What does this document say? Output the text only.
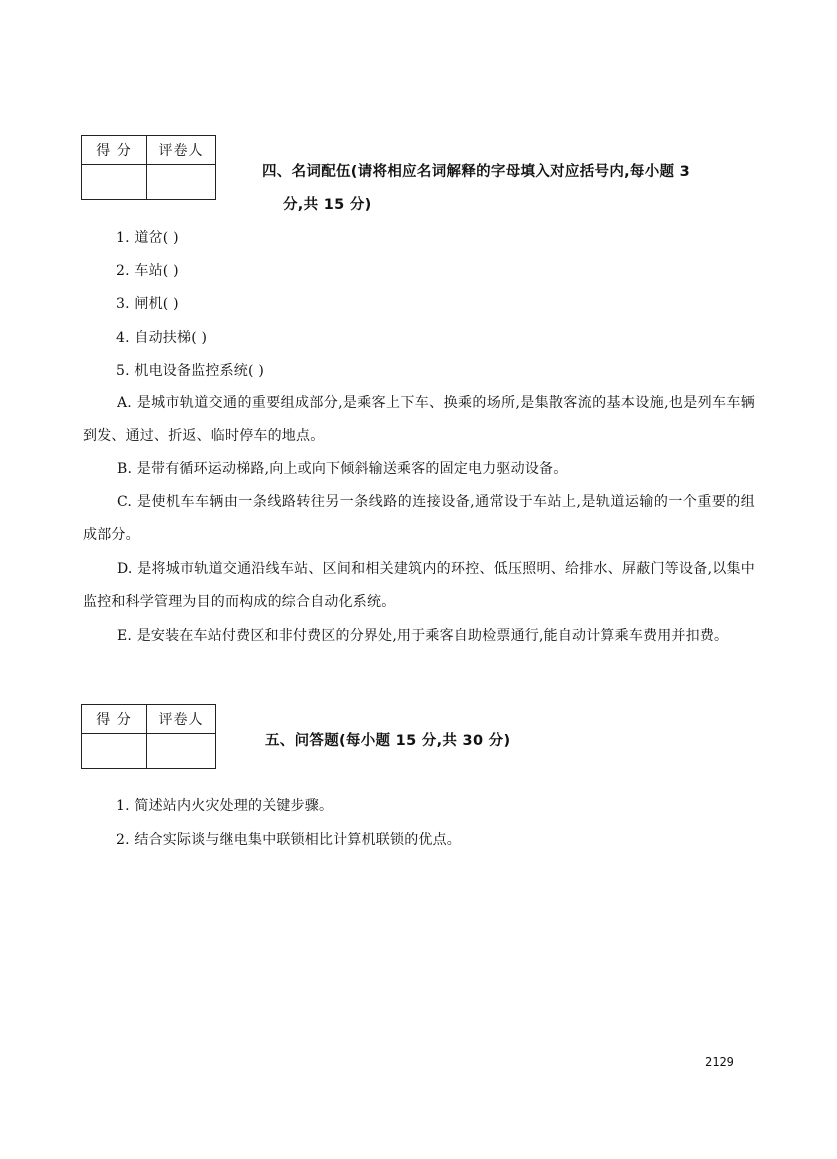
得 分	评卷人

四、名词配伍(请将相应名词解释的字母填入对应括号内,每小题 3
分,共 15 分)
1. 道岔( )
2. 车站( )
3. 闸机( )
4. 自动扶梯( )
5. 机电设备监控系统( )
A. 是城市轨道交通的重要组成部分,是乘客上下车、换乘的场所,是集散客流的基本设施,也是列车车辆到发、通过、折返、临时停车的地点。
B. 是带有循环运动梯路,向上或向下倾斜输送乘客的固定电力驱动设备。
C. 是使机车车辆由一条线路转往另一条线路的连接设备,通常设于车站上,是轨道运输的一个重要的组成部分。
D. 是将城市轨道交通沿线车站、区间和相关建筑内的环控、低压照明、给排水、屏蔽门等设备,以集中监控和科学管理为目的而构成的综合自动化系统。
E. 是安装在车站付费区和非付费区的分界处,用于乘客自助检票通行,能自动计算乘车费用并扣费。
得 分	评卷人

五、问答题(每小题 15 分,共 30 分)
1. 简述站内火灾处理的关键步骤。
2. 结合实际谈与继电集中联锁相比计算机联锁的优点。
2129
